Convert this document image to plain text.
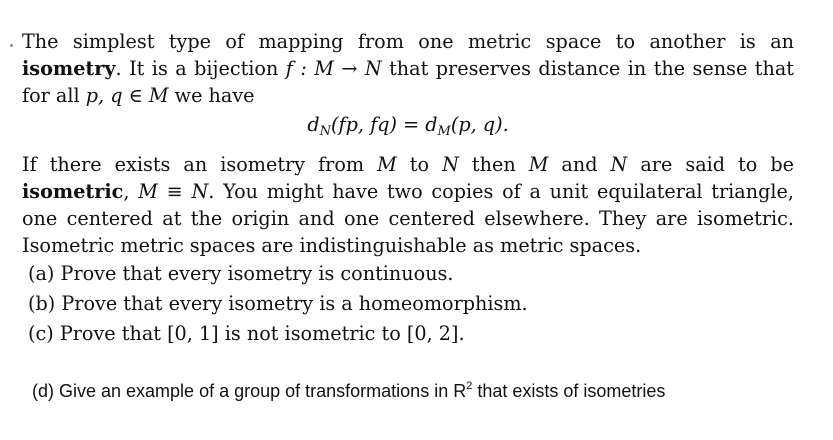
The simplest type of mapping from one metric space to another is an isometry. It is a bijection f : M → N that preserves distance in the sense that for all p, q ∈ M we have

$d_N(fp$, $fq) = d_M(p$, q).

If there exists an isometry from M to N then M and N are said to be isometric, M ≡ N. You might have two copies of a unit equilateral triangle, one centered at the origin and one centered elsewhere. They are isometric. Isometric metric spaces are indistinguishable as metric spaces.

(a) Prove that every isometry is continuous.
(b) Prove that every isometry is a homeomorphism.
(c) Prove that [0, 1] is not isometric to [0, 2].
(d) Give an example of a group of transformations in $R^2$ that exists of isometries
